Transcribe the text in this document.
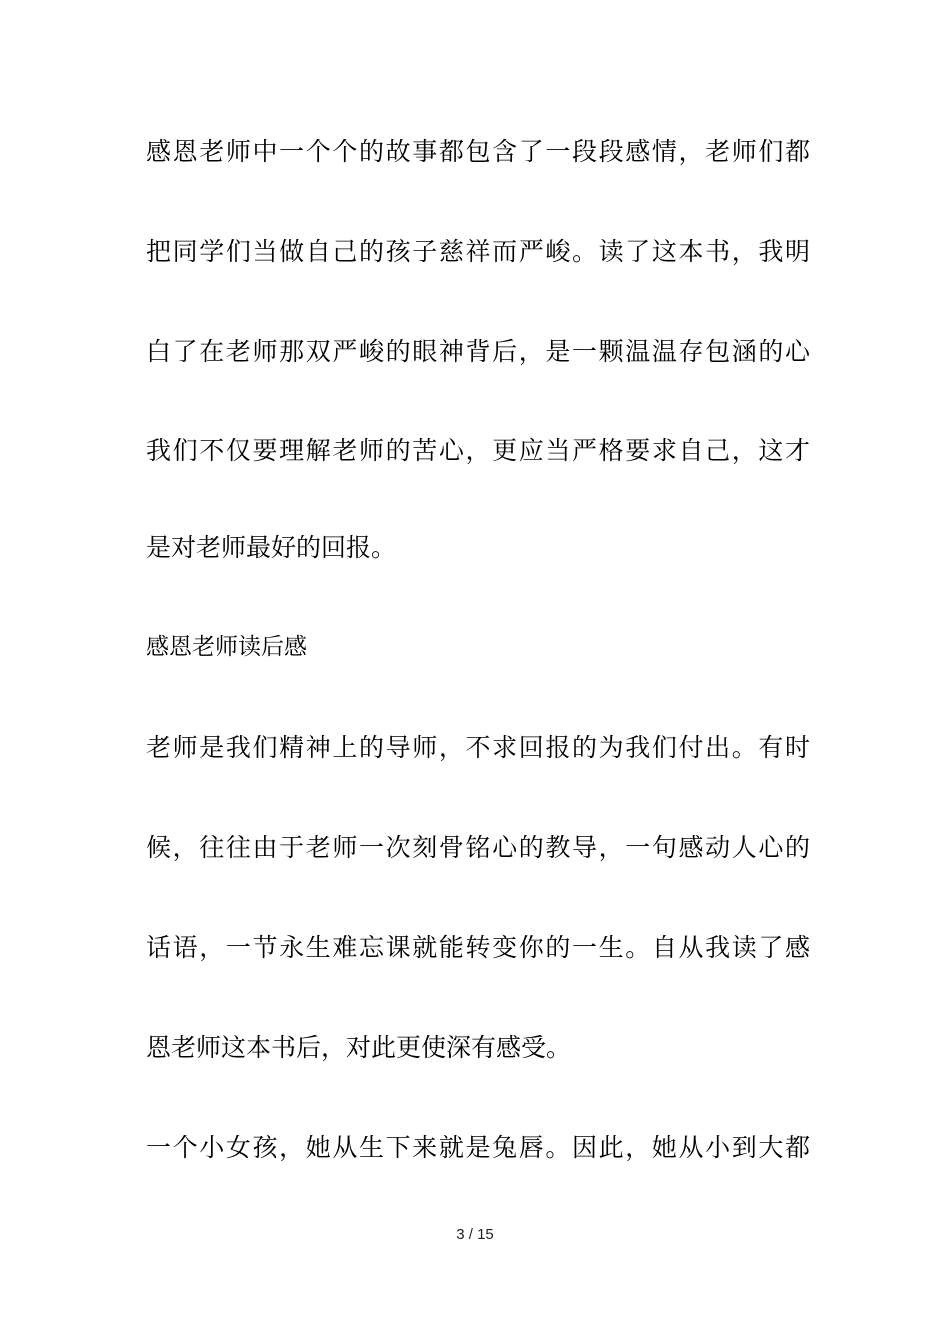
感恩老师中一个个的故事都包含了一段段感情，老师们都
把同学们当做自己的孩子慈祥而严峻。读了这本书，我明
白了在老师那双严峻的眼神背后，是一颗温温存包涵的心
我们不仅要理解老师的苦心，更应当严格要求自己，这才
是对老师最好的回报。
感恩老师读后感
老师是我们精神上的导师，不求回报的为我们付出。有时
候，往往由于老师一次刻骨铭心的教导，一句感动人心的
话语，一节永生难忘课就能转变你的一生。自从我读了感
恩老师这本书后，对此更使深有感受。
一个小女孩，她从生下来就是兔唇。因此，她从小到大都
3 / 15
